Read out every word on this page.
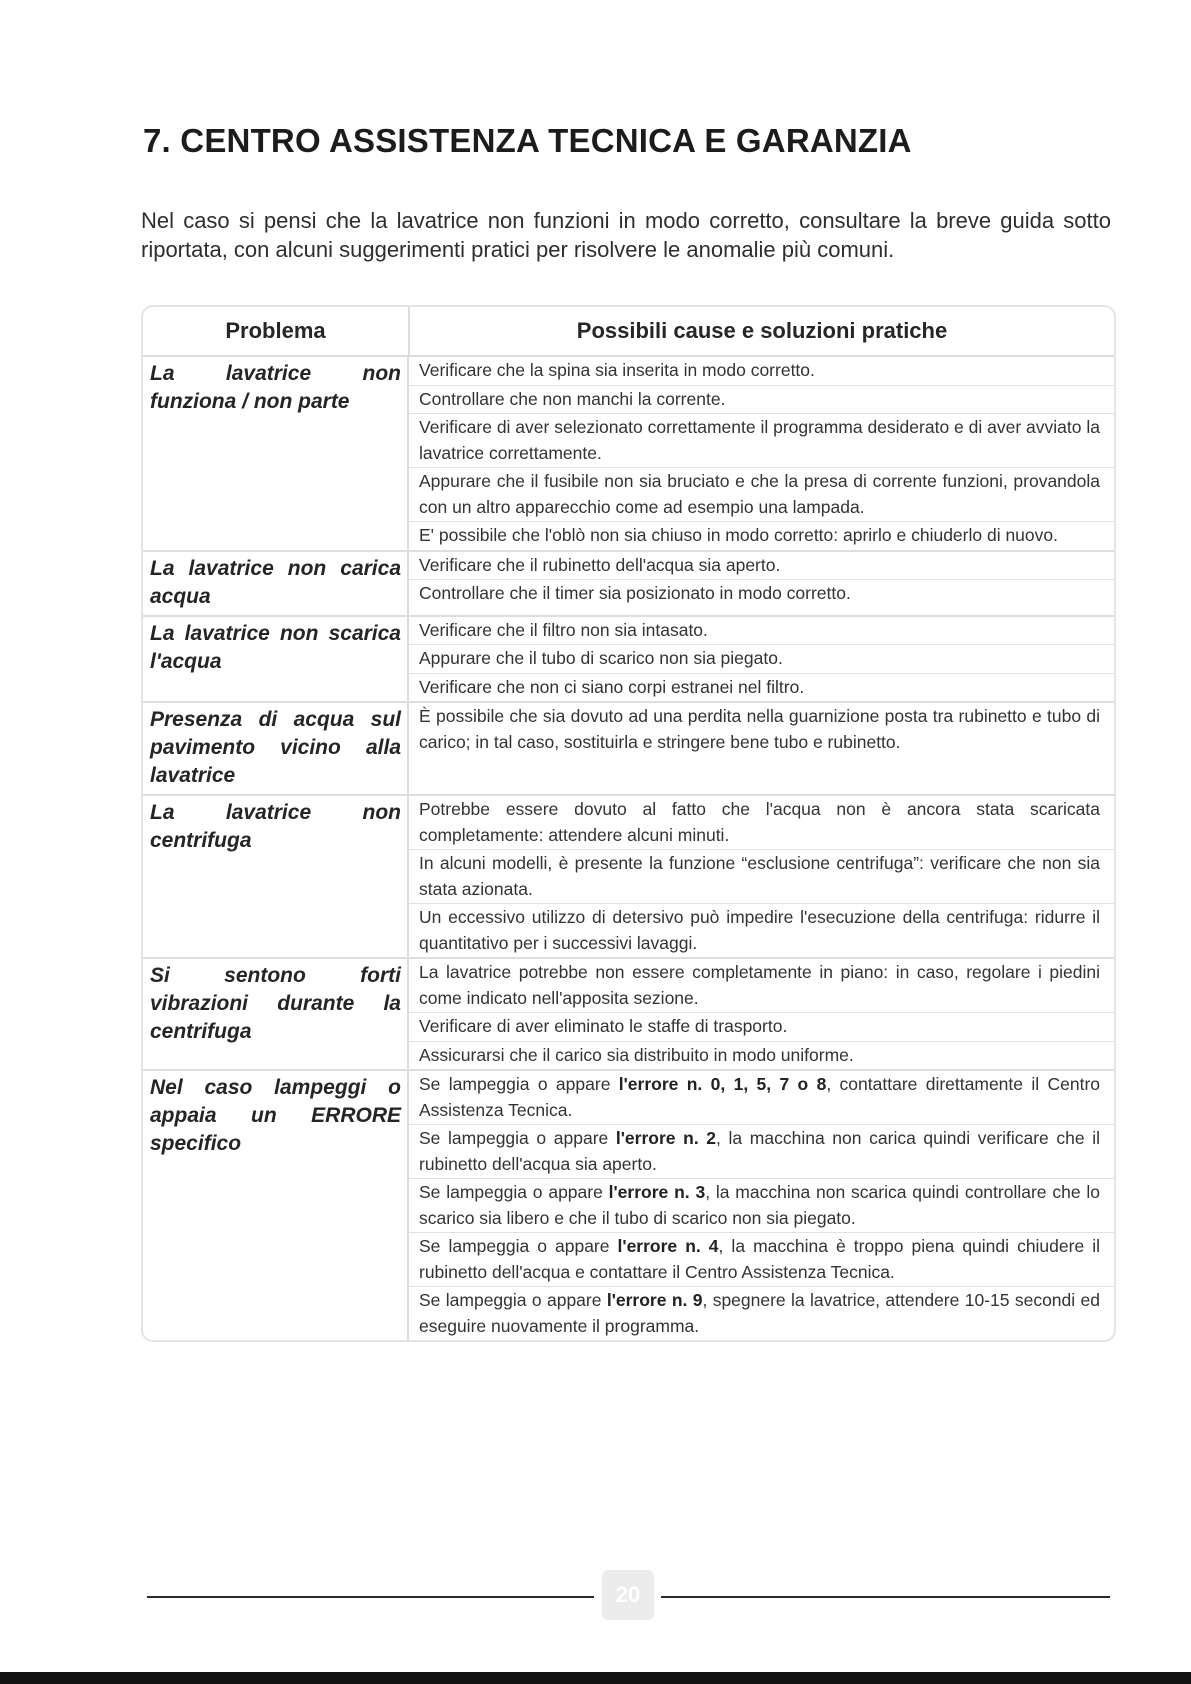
7. CENTRO ASSISTENZA TECNICA E GARANZIA

Nel caso si pensi che la lavatrice non funzioni in modo corretto, consultare la breve guida sotto riportata, con alcuni suggerimenti pratici per risolvere le anomalie più comuni.

Problema	Possibili cause e soluzioni pratiche
La lavatrice non funziona / non parte
Verificare che la spina sia inserita in modo corretto.
Controllare che non manchi la corrente.
Verificare di aver selezionato correttamente il programma desiderato e di aver avviato la lavatrice correttamente.
Appurare che il fusibile non sia bruciato e che la presa di corrente funzioni, provandola con un altro apparecchio come ad esempio una lampada.
E' possibile che l'oblò non sia chiuso in modo corretto: aprirlo e chiuderlo di nuovo.
La lavatrice non carica acqua
Verificare che il rubinetto dell'acqua sia aperto.
Controllare che il timer sia posizionato in modo corretto.
La lavatrice non scarica l'acqua
Verificare che il filtro non sia intasato.
Appurare che il tubo di scarico non sia piegato.
Verificare che non ci siano corpi estranei nel filtro.
Presenza di acqua sul pavimento vicino alla lavatrice
È possibile che sia dovuto ad una perdita nella guarnizione posta tra rubinetto e tubo di carico; in tal caso, sostituirla e stringere bene tubo e rubinetto.
La lavatrice non centrifuga
Potrebbe essere dovuto al fatto che l'acqua non è ancora stata scaricata completamente: attendere alcuni minuti.
In alcuni modelli, è presente la funzione “esclusione centrifuga”: verificare che non sia stata azionata.
Un eccessivo utilizzo di detersivo può impedire l'esecuzione della centrifuga: ridurre il quantitativo per i successivi lavaggi.
Si sentono forti vibrazioni durante la centrifuga
La lavatrice potrebbe non essere completamente in piano: in caso, regolare i piedini come indicato nell'apposita sezione.
Verificare di aver eliminato le staffe di trasporto.
Assicurarsi che il carico sia distribuito in modo uniforme.
Nel caso lampeggi o appaia un ERRORE specifico
Se lampeggia o appare l'errore n. 0, 1, 5, 7 o 8, contattare direttamente il Centro Assistenza Tecnica.
Se lampeggia o appare l'errore n. 2, la macchina non carica quindi verificare che il rubinetto dell'acqua sia aperto.
Se lampeggia o appare l'errore n. 3, la macchina non scarica quindi controllare che lo scarico sia libero e che il tubo di scarico non sia piegato.
Se lampeggia o appare l'errore n. 4, la macchina è troppo piena quindi chiudere il rubinetto dell'acqua e contattare il Centro Assistenza Tecnica.
Se lampeggia o appare l'errore n. 9, spegnere la lavatrice, attendere 10-15 secondi ed eseguire nuovamente il programma.
20
